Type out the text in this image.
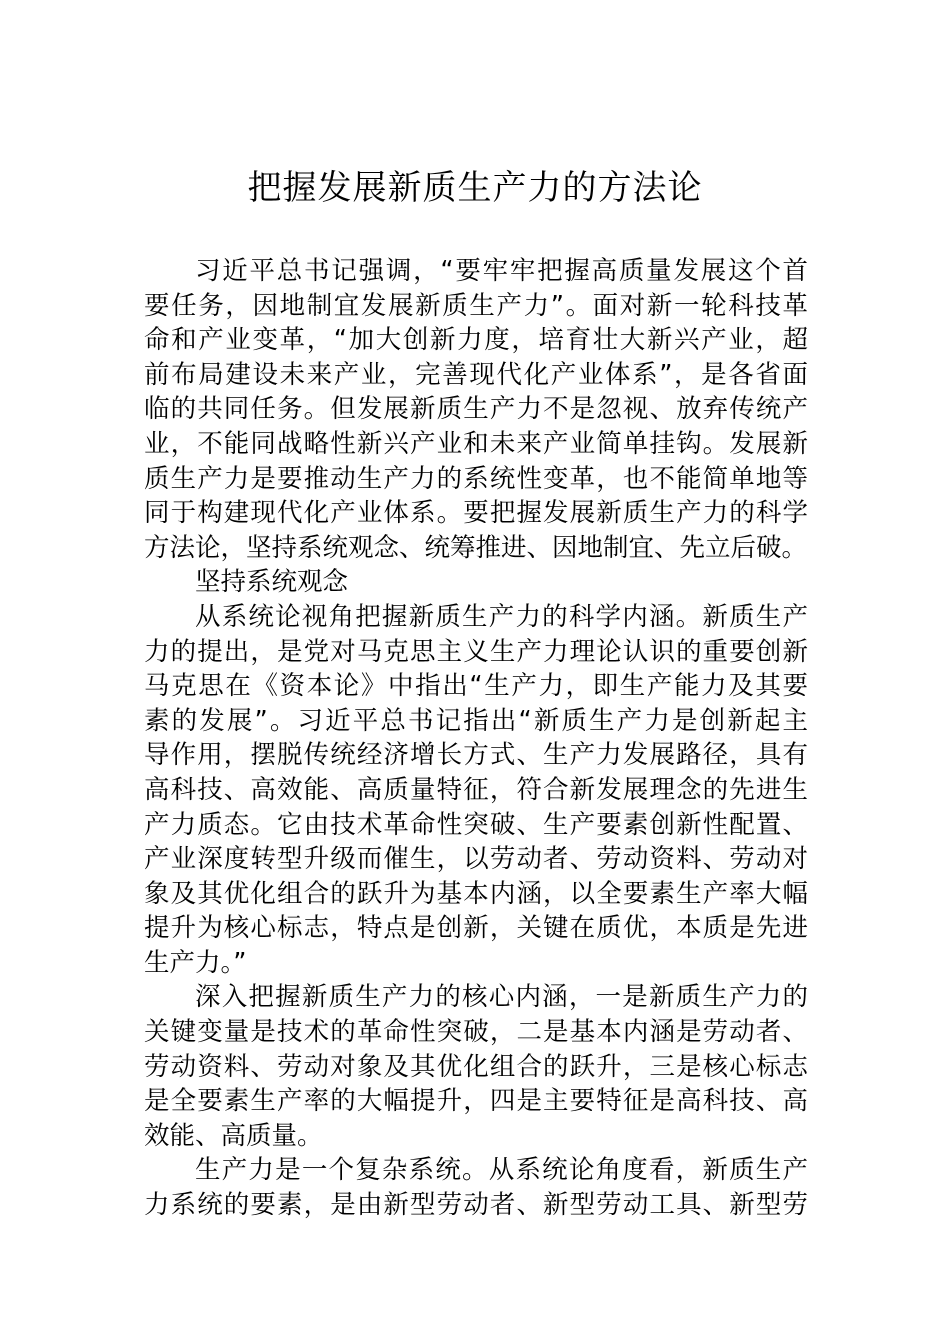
把握发展新质生产力的方法论
习近平总书记强调，“要牢牢把握高质量发展这个首
要任务，因地制宜发展新质生产力”。面对新一轮科技革
命和产业变革，“加大创新力度，培育壮大新兴产业，超
前布局建设未来产业，完善现代化产业体系”，是各省面
临的共同任务。但发展新质生产力不是忽视、放弃传统产
业，不能同战略性新兴产业和未来产业简单挂钩。发展新
质生产力是要推动生产力的系统性变革，也不能简单地等
同于构建现代化产业体系。要把握发展新质生产力的科学
方法论，坚持系统观念、统筹推进、因地制宜、先立后破。
坚持系统观念
从系统论视角把握新质生产力的科学内涵。新质生产
力的提出，是党对马克思主义生产力理论认识的重要创新
马克思在《资本论》中指出“生产力，即生产能力及其要
素的发展”。习近平总书记指出“新质生产力是创新起主
导作用，摆脱传统经济增长方式、生产力发展路径，具有
高科技、高效能、高质量特征，符合新发展理念的先进生
产力质态。它由技术革命性突破、生产要素创新性配置、
产业深度转型升级而催生，以劳动者、劳动资料、劳动对
象及其优化组合的跃升为基本内涵，以全要素生产率大幅
提升为核心标志，特点是创新，关键在质优，本质是先进
生产力。”
深入把握新质生产力的核心内涵，一是新质生产力的
关键变量是技术的革命性突破，二是基本内涵是劳动者、
劳动资料、劳动对象及其优化组合的跃升，三是核心标志
是全要素生产率的大幅提升，四是主要特征是高科技、高
效能、高质量。
生产力是一个复杂系统。从系统论角度看，新质生产
力系统的要素，是由新型劳动者、新型劳动工具、新型劳
